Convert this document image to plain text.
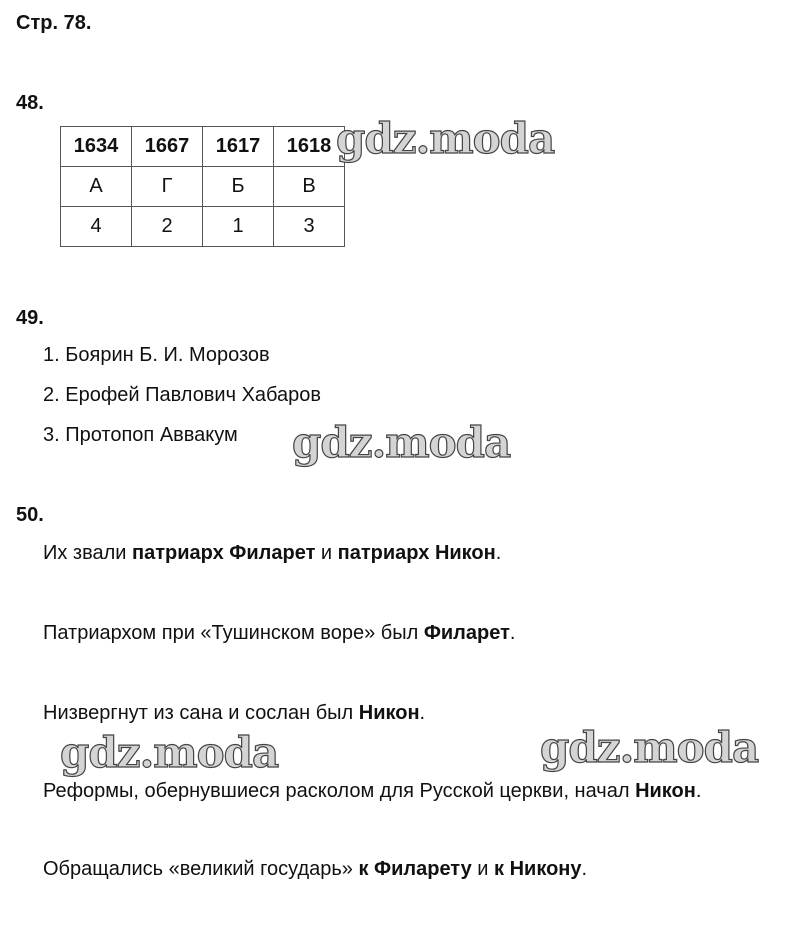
Стр. 78.
48.
1634	1667	1617	1618
А	Г	Б	В
4	2	1	3
49.
1. Боярин Б. И. Морозов
2. Ерофей Павлович Хабаров
3. Протопоп Аввакум
50.
Их звали патриарх Филарет и патриарх Никон.
Патриархом при «Тушинском воре» был Филарет.
Низвергнут из сана и сослан был Никон.
Реформы, обернувшиеся расколом для Русской церкви, начал Никон.
Обращались «великий государь» к Филарету и к Никону.
gdz.moda
gdz.moda
gdz.moda	gdz.moda
